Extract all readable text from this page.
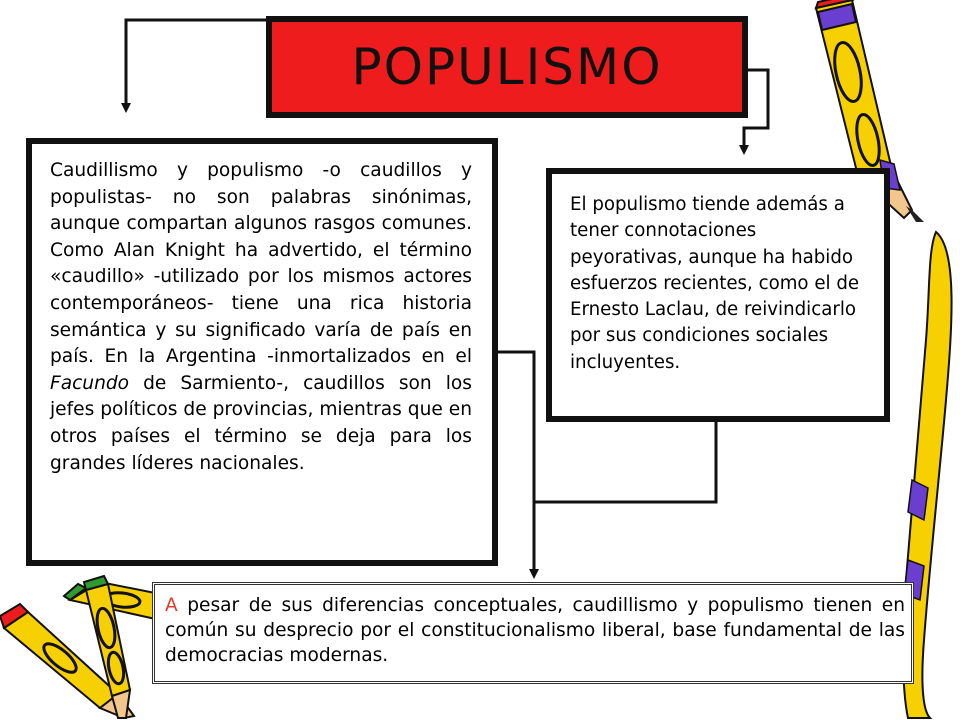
POPULISMO

Caudillismo y populismo -o caudillos y populistas- no son palabras sinónimas, aunque compartan algunos rasgos comunes. Como Alan Knight ha advertido, el término «caudillo» -utilizado por los mismos actores contemporáneos- tiene una rica historia semántica y su significado varía de país en país. En la Argentina -inmortalizados en el Facundo de Sarmiento-, caudillos son los jefes políticos de provincias, mientras que en otros países el término se deja para los grandes líderes nacionales.

El populismo tiende además a tener connotaciones peyorativas, aunque ha habido esfuerzos recientes, como el de Ernesto Laclau, de reivindicarlo por sus condiciones sociales incluyentes.

A pesar de sus diferencias conceptuales, caudillismo y populismo tienen en común su desprecio por el constitucionalismo liberal, base fundamental de las democracias modernas.
